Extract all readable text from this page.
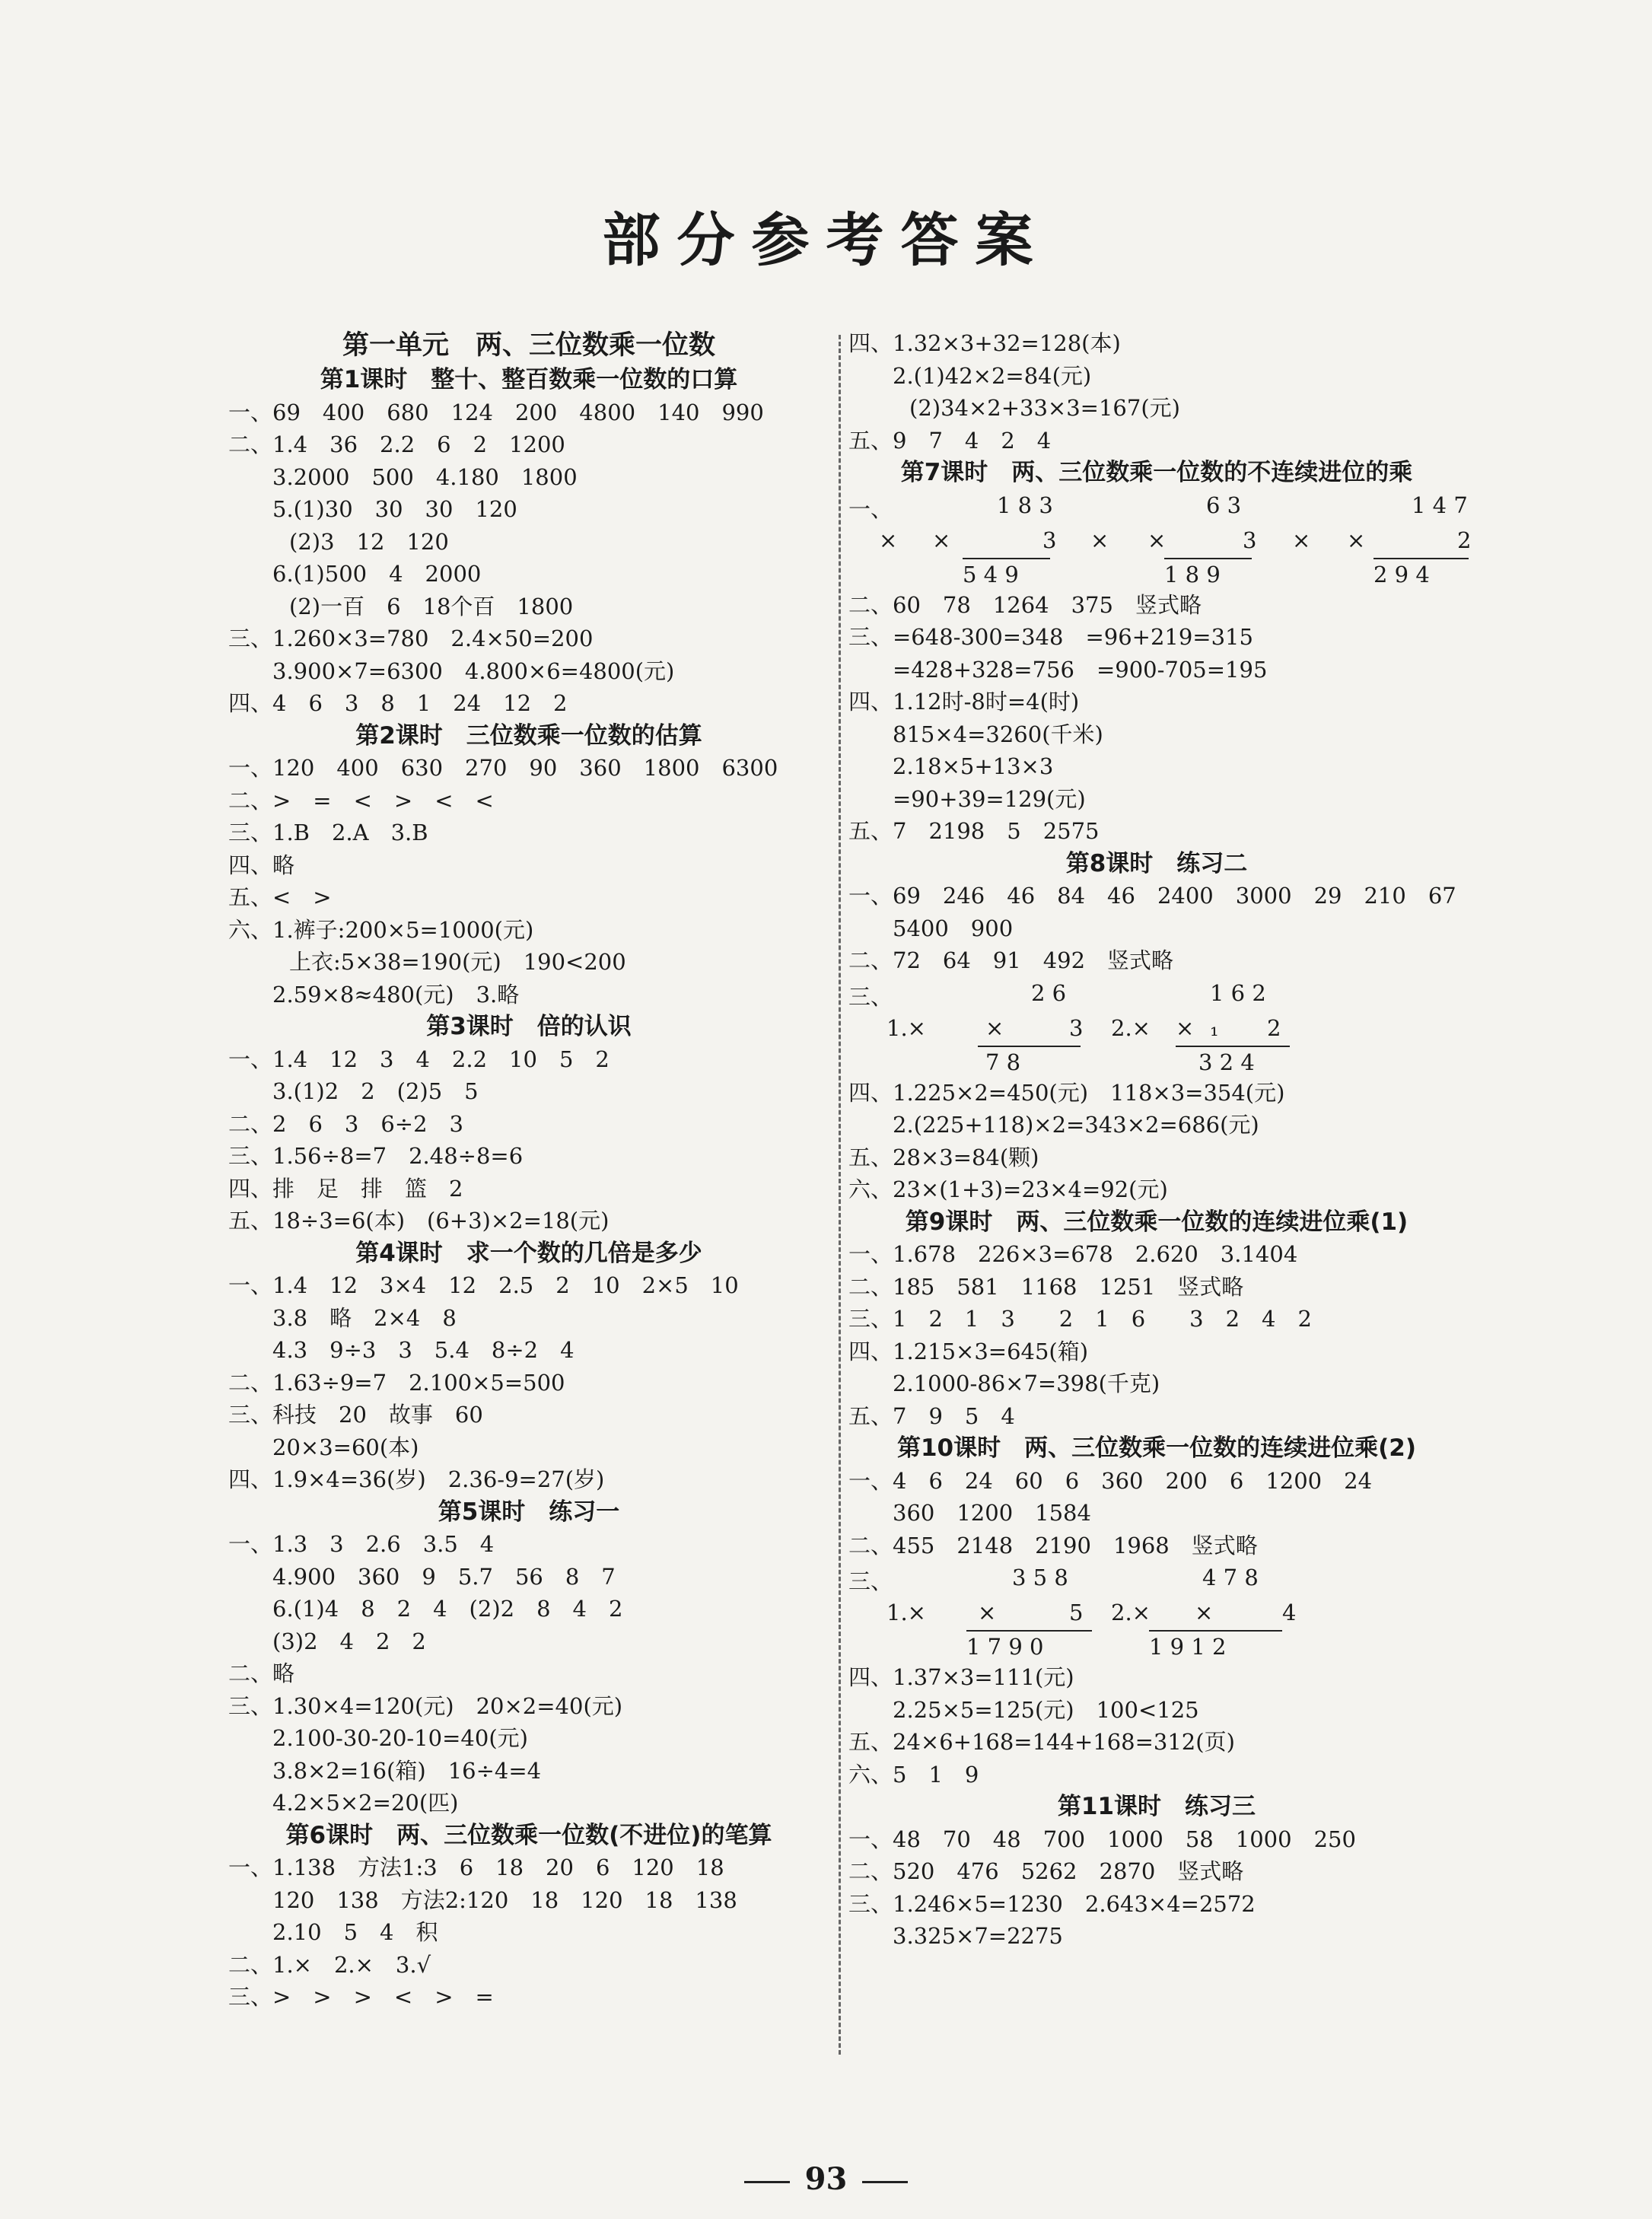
部分参考答案
第一单元　两、三位数乘一位数
第1课时　整十、整百数乘一位数的口算
一、69　400　680　124　200　4800　140　990
二、1.4　36　2.2　6　2　1200
3.2000　500　4.180　1800
5.(1)30　30　30　120
(2)3　12　120
6.(1)500　4　2000
(2)一百　6　18个百　1800
三、1.260×3=780　2.4×50=200
3.900×7=6300　4.800×6=4800(元)
四、4　6　3　8　1　24　12　2
第2课时　三位数乘一位数的估算
一、120　400　630　270　90　360　1800　6300
二、>　=　<　>　<　<
三、1.B　2.A　3.B
四、略
五、<　>
六、1.裤子:200×5=1000(元)
上衣:5×38=190(元)　190<200
2.59×8≈480(元)　3.略
第3课时　倍的认识
一、1.4　12　3　4　2.2　10　5　2
3.(1)2　2　(2)5　5
二、2　6　3　6÷2　3
三、1.56÷8=7　2.48÷8=6
四、排　足　排　篮　2
五、18÷3=6(本)　(6+3)×2=18(元)
第4课时　求一个数的几倍是多少
一、1.4　12　3×4　12　2.5　2　10　2×5　10
3.8　略　2×4　8
4.3　9÷3　3　5.4　8÷2　4
二、1.63÷9=7　2.100×5=500
三、科技　20　故事　60
20×3=60(本)
四、1.9×4=36(岁)　2.36-9=27(岁)
第5课时　练习一
一、1.3　3　2.6　3.5　4
4.900　360　9　5.7　56　8　7
6.(1)4　8　2　4　(2)2　8　4　2
(3)2　4　2　2
二、略
三、1.30×4=120(元)　20×2=40(元)
2.100-30-20-10=40(元)
3.8×2=16(箱)　16÷4=4
4.2×5×2=20(匹)
第6课时　两、三位数乘一位数(不进位)的笔算
一、1.138　方法1:3　6　18　20　6　120　18
120　138　方法2:120　18　120　18　138
2.10　5　4　积
二、1.×　2.×　3.√
三、>　>　>　<　>　=
四、1.32×3+32=128(本)
2.(1)42×2=84(元)
(2)34×2+33×3=167(元)
五、9　7　4　2　4
第7课时　两、三位数乘一位数的不连续进位的乘
一、	1 8 3	6 3	1 4 7
× ×	3 × ×	3 × ×	2
5 4 9	1 8 9	2 9 4
二、60　78　1264　375　竖式略
三、=648-300=348　=96+219=315
=428+328=756　=900-705=195
四、1.12时-8时=4(时)
815×4=3260(千米)
2.18×5+13×3
=90+39=129(元)
五、7　2198　5　2575
第8课时　练习二
一、69　246　46　84　46　2400　3000　29　210　67
5400　900
二、72　64　91　492　竖式略
三、	2 6	1 6 2
1.×	×	3 2.× × ₁ 2
7 8	3 2 4
四、1.225×2=450(元)　118×3=354(元)
2.(225+118)×2=343×2=686(元)
五、28×3=84(颗)
六、23×(1+3)=23×4=92(元)
第9课时　两、三位数乘一位数的连续进位乘(1)
一、1.678　226×3=678　2.620　3.1404
二、185　581　1168　1251　竖式略
三、1　2　1　3　　2　1　6　　3　2　4　2
四、1.215×3=645(箱)
2.1000-86×7=398(千克)
五、7　9　5　4
第10课时　两、三位数乘一位数的连续进位乘(2)
一、4　6　24　60　6　360　200　6　1200　24
360　1200　1584
二、455　2148　2190　1968　竖式略
三、	3 5 8	4 7 8
1.× ×	5 2.× ×	4
1 7 9 0	1 9 1 2
四、1.37×3=111(元)
2.25×5=125(元)　100<125
五、24×6+168=144+168=312(页)
六、5　1　9
第11课时　练习三
一、48　70　48　700　1000　58　1000　250
二、520　476　5262　2870　竖式略
三、1.246×5=1230　2.643×4=2572
3.325×7=2275
93
